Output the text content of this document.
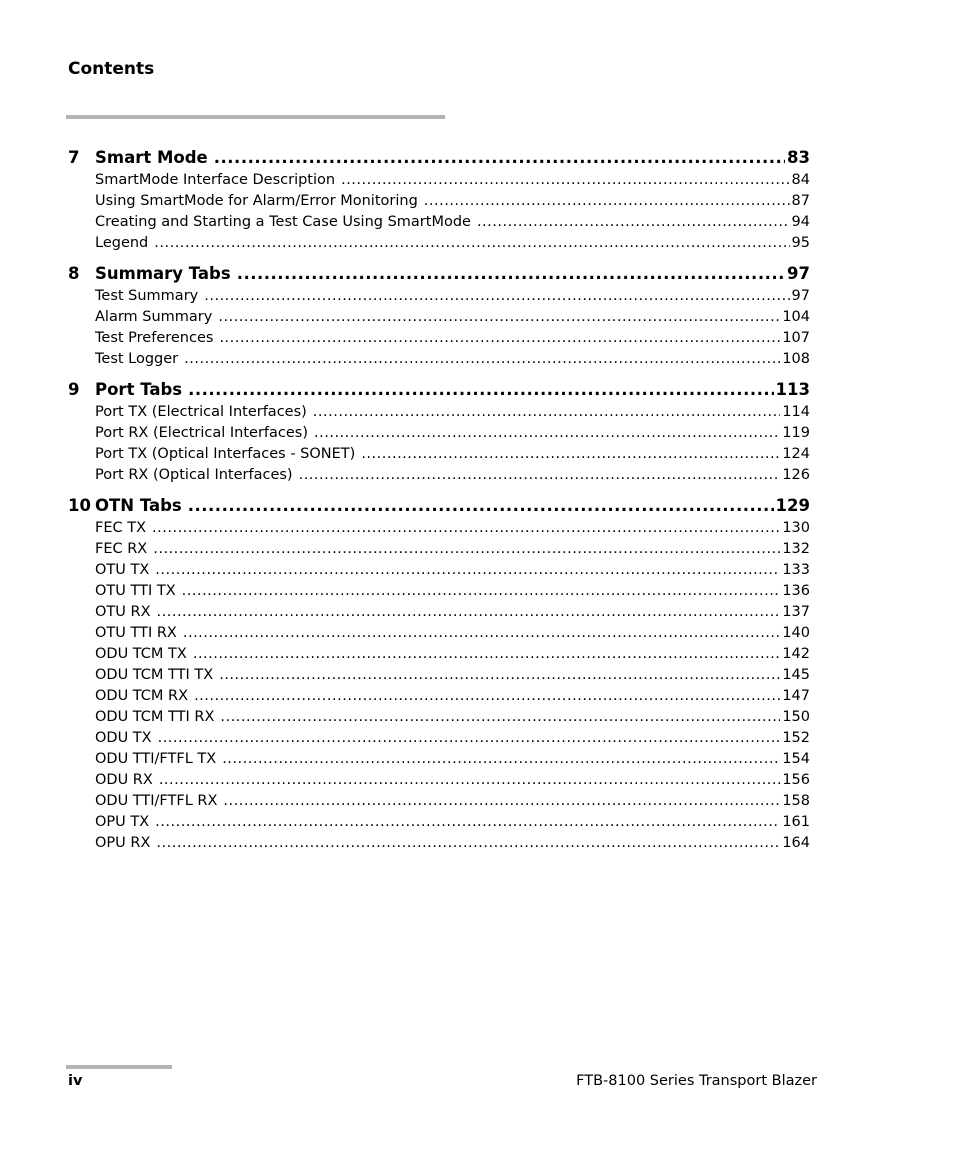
Contents
7 Smart Mode .....	83
SmartMode Interface Description .....	84
Using SmartMode for Alarm/Error Monitoring .....	87
Creating and Starting a Test Case Using SmartMode .....	94
Legend .....	95
8 Summary Tabs .....	97
Test Summary .....	97
Alarm Summary .....	104
Test Preferences .....	107
Test Logger .....	108
9 Port Tabs .....	113
Port TX (Electrical Interfaces) .....	114
Port RX (Electrical Interfaces) .....	119
Port TX (Optical Interfaces - SONET) .....	124
Port RX (Optical Interfaces) .....	126
10 OTN Tabs .....	129
FEC TX .....	130
FEC RX .....	132
OTU TX .....	133
OTU TTI TX .....	136
OTU RX .....	137
OTU TTI RX .....	140
ODU TCM TX .....	142
ODU TCM TTI TX .....	145
ODU TCM RX .....	147
ODU TCM TTI RX .....	150
ODU TX .....	152
ODU TTI/FTFL TX .....	154
ODU RX .....	156
ODU TTI/FTFL RX .....	158
OPU TX .....	161
OPU RX .....	164
iv	FTB-8100 Series Transport Blazer
